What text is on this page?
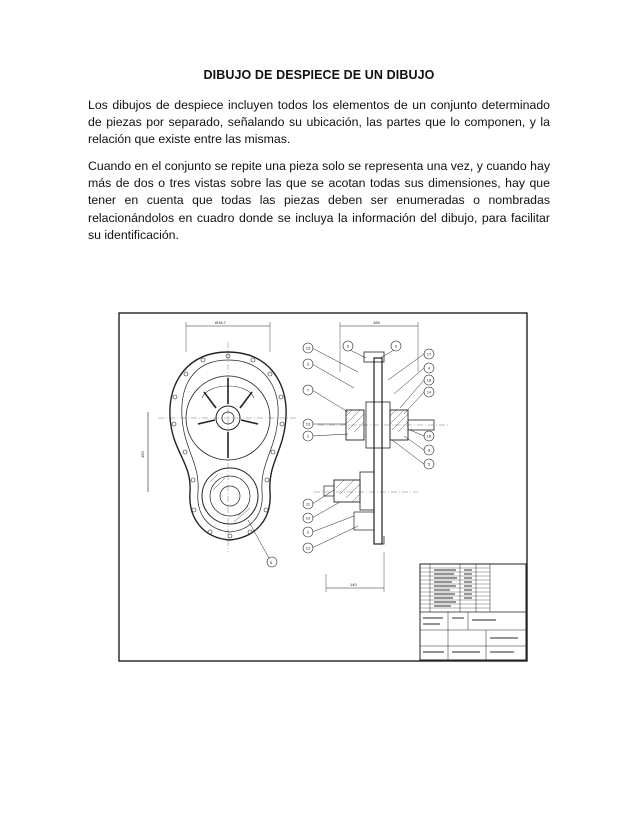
DIBUJO DE DESPIECE DE UN DIBUJO

Los dibujos de despiece incluyen todos los elementos de un conjunto determinado de piezas por separado, señalando su ubicación, las partes que lo componen, y la relación que existe entre las mismas.

Cuando en el conjunto se repite una pieza solo se representa una vez, y cuando hay más de dos o tres vistas sobre las que se acotan todas sus dimensiones, hay que tener en cuenta que todas las piezas deben ser enumeradas o nombradas relacionándolos en cuadro donde se incluya la información del dibujo, para facilitar su identificación.

Ø18.7
150
6
185
140
15
3
7
13
1
11
10
2
12
17
4
18
14
16
8
5
5	9
